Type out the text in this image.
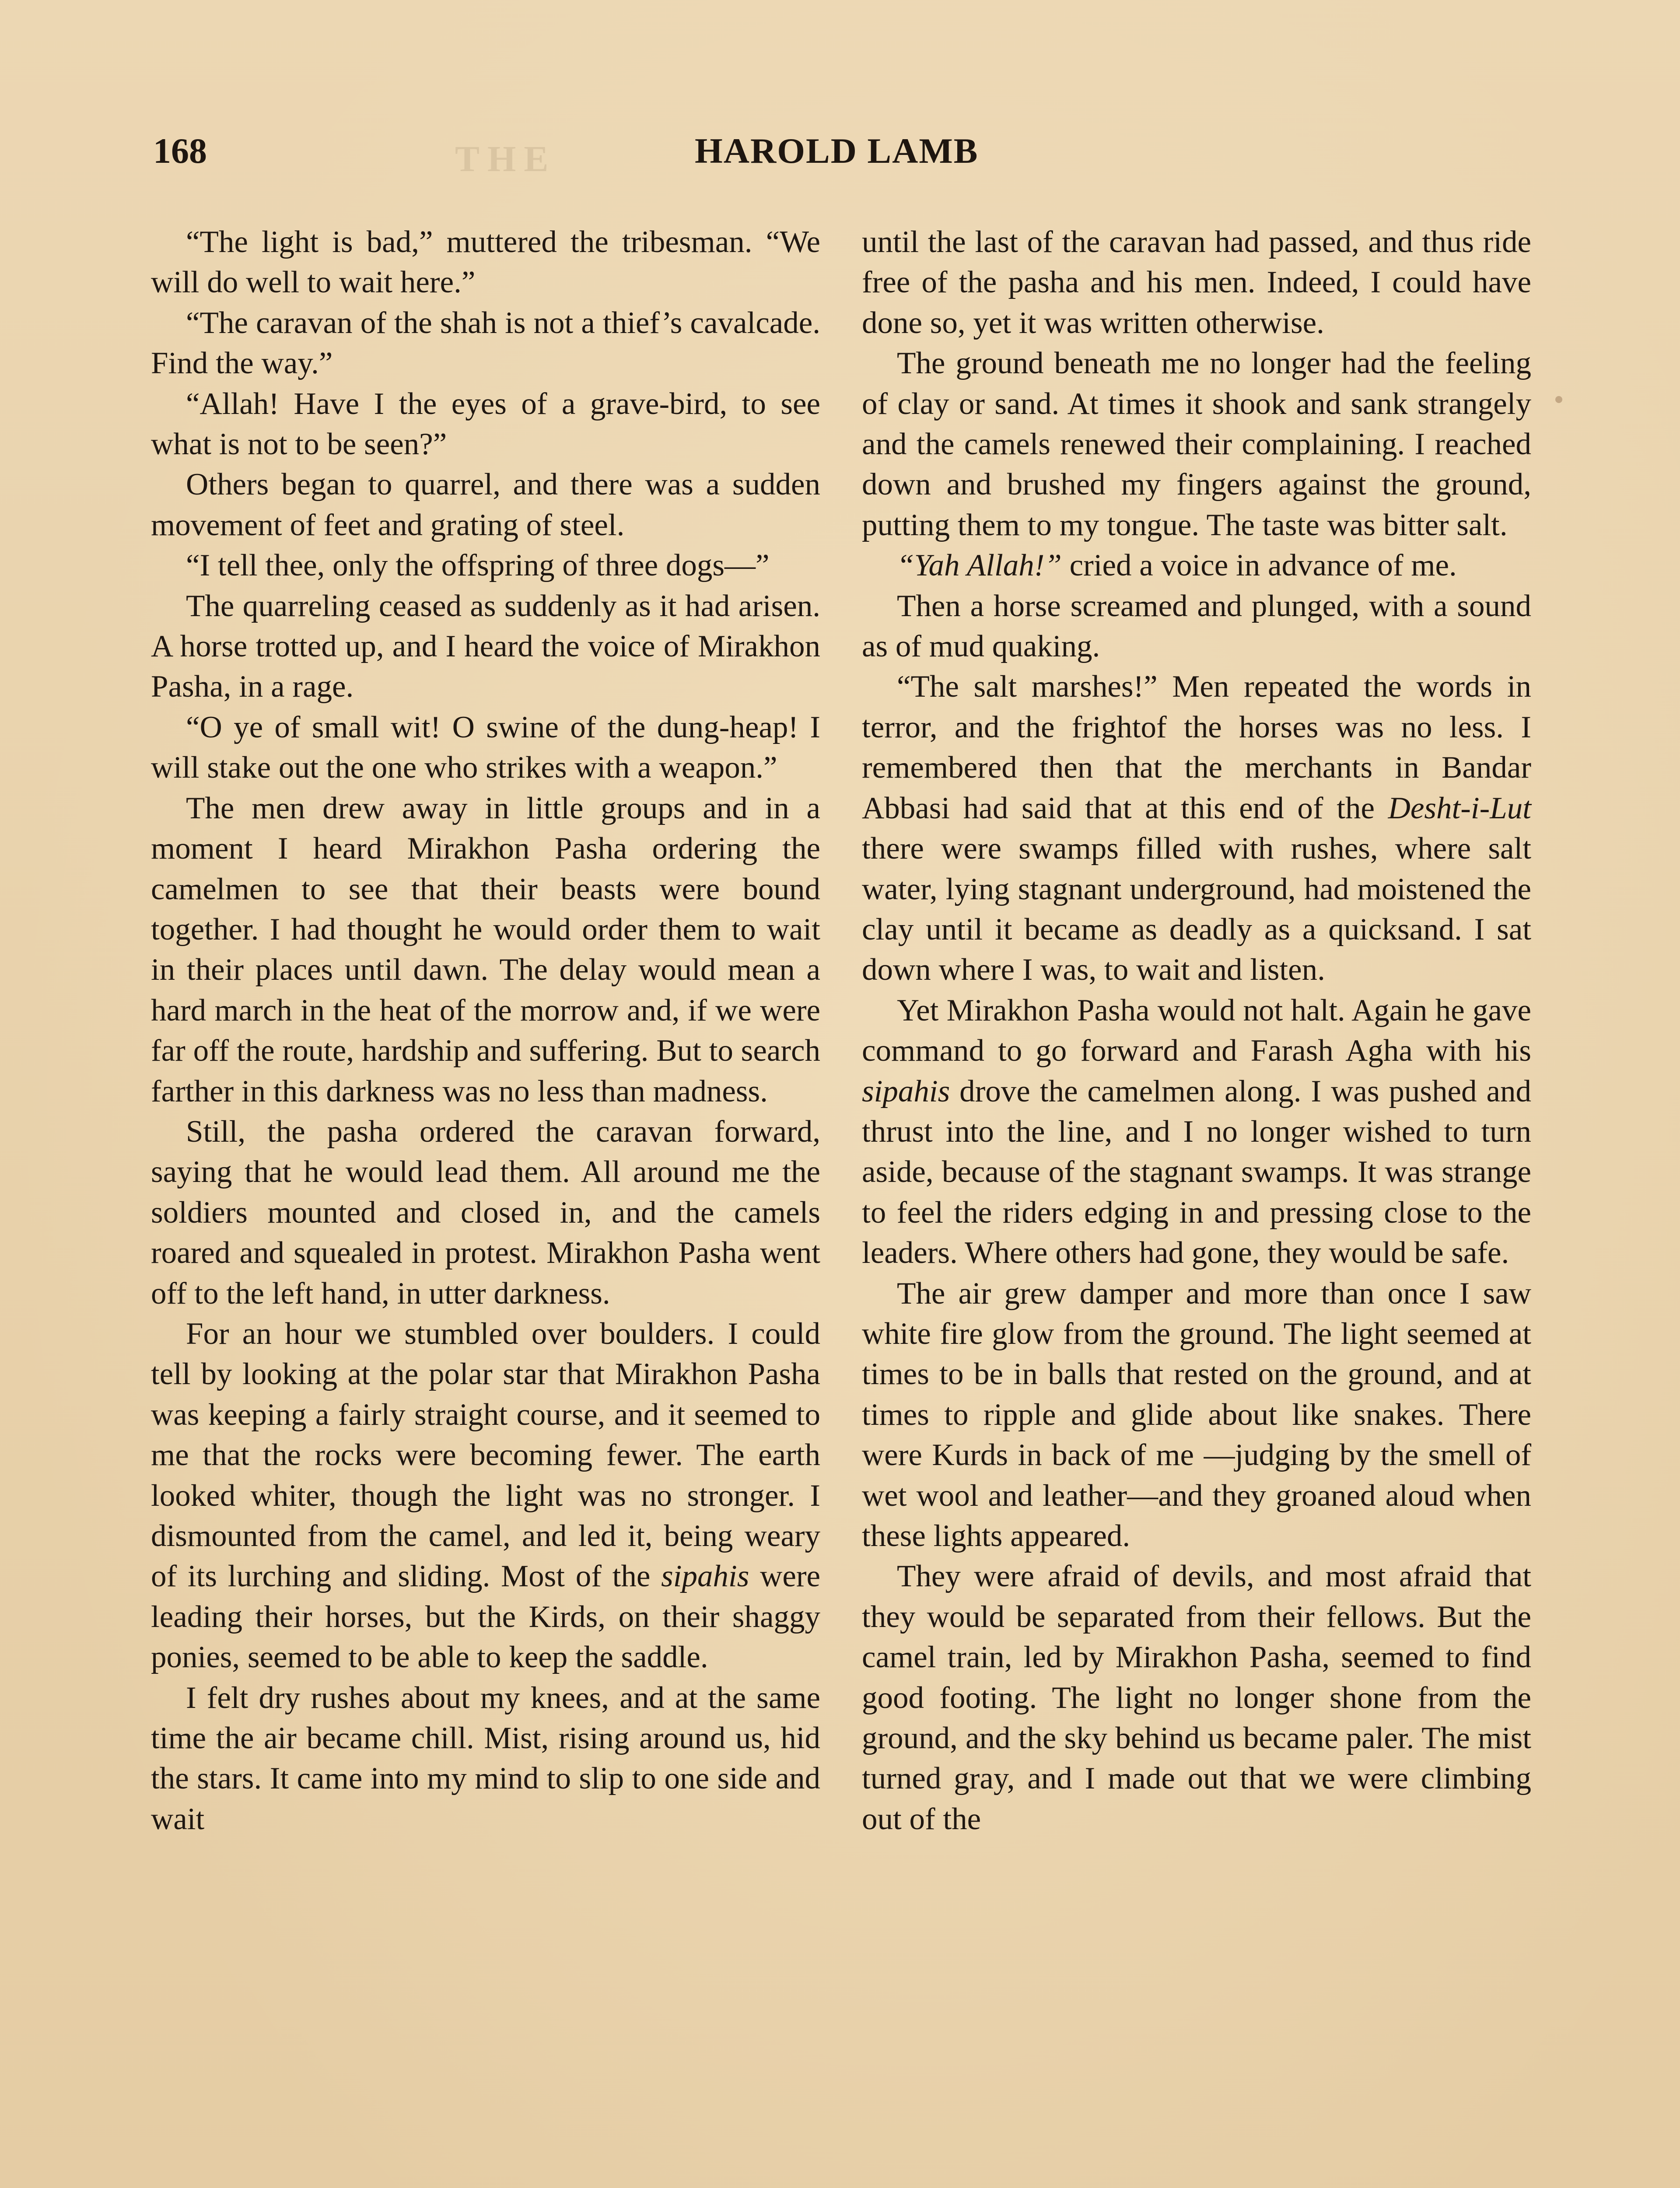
THE
168	HAROLD LAMB

“The light is bad,” muttered the tribesman. “We will do well to wait here.”

“The caravan of the shah is not a thief’s cavalcade. Find the way.”

“Allah! Have I the eyes of a grave-bird, to see what is not to be seen?”

Others began to quarrel, and there was a sudden movement of feet and grating of steel.

“I tell thee, only the offspring of three dogs—”

The quarreling ceased as suddenly as it had arisen. A horse trotted up, and I heard the voice of Mirakhon Pasha, in a rage.

“O ye of small wit! O swine of the dung-heap! I will stake out the one who strikes with a weapon.”

The men drew away in little groups and in a moment I heard Mirakhon Pasha ordering the camelmen to see that their beasts were bound together. I had thought he would order them to wait in their places until dawn. The delay would mean a hard march in the heat of the morrow and, if we were far off the route, hardship and suffering. But to search farther in this darkness was no less than madness.

Still, the pasha ordered the caravan forward, saying that he would lead them. All around me the soldiers mounted and closed in, and the camels roared and squealed in protest. Mirakhon Pasha went off to the left hand, in utter darkness.

For an hour we stumbled over boulders. I could tell by looking at the polar star that Mirakhon Pasha was keeping a fairly straight course, and it seemed to me that the rocks were becoming fewer. The earth looked whiter, though the light was no stronger. I dismounted from the camel, and led it, being weary of its lurching and sliding. Most of the sipahis were leading their horses, but the Kirds, on their shaggy ponies, seemed to be able to keep the saddle.

I felt dry rushes about my knees, and at the same time the air became chill. Mist, rising around us, hid the stars. It came into my mind to slip to one side and wait

until the last of the caravan had passed, and thus ride free of the pasha and his men. Indeed, I could have done so, yet it was written otherwise.

The ground beneath me no longer had the feeling of clay or sand. At times it shook and sank strangely and the camels renewed their complaining. I reached down and brushed my fingers against the ground, putting them to my tongue. The taste was bitter salt.

“Yah Allah!” cried a voice in advance of me.

Then a horse screamed and plunged, with a sound as of mud quaking.

“The salt marshes!” Men repeated the words in terror, and the frightof the horses was no less. I remembered then that the merchants in Bandar Abbasi had said that at this end of the Desht-i-Lut there were swamps filled with rushes, where salt water, lying stagnant underground, had moistened the clay until it became as deadly as a quicksand. I sat down where I was, to wait and listen.

Yet Mirakhon Pasha would not halt. Again he gave command to go forward and Farash Agha with his sipahis drove the camelmen along. I was pushed and thrust into the line, and I no longer wished to turn aside, because of the stagnant swamps. It was strange to feel the riders edging in and pressing close to the leaders. Where others had gone, they would be safe.

The air grew damper and more than once I saw white fire glow from the ground. The light seemed at times to be in balls that rested on the ground, and at times to ripple and glide about like snakes. There were Kurds in back of me —judging by the smell of wet wool and leather—and they groaned aloud when these lights appeared.

They were afraid of devils, and most afraid that they would be separated from their fellows. But the camel train, led by Mirakhon Pasha, seemed to find good footing. The light no longer shone from the ground, and the sky behind us became paler. The mist turned gray, and I made out that we were climbing out of the
